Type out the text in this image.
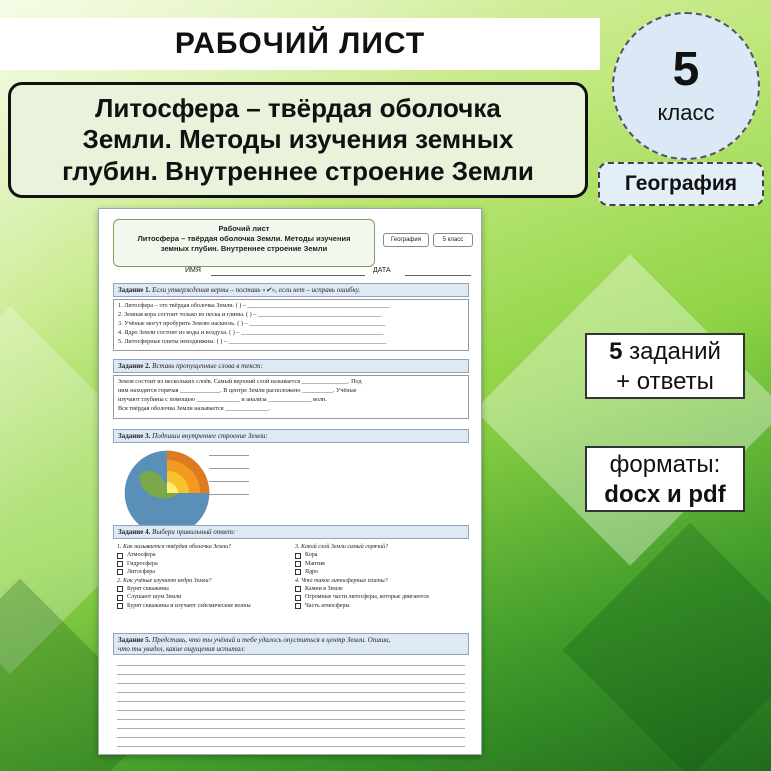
РАБОЧИЙ ЛИСТ	5
класс
Литосфера – твёрдая оболочка
Земли. Методы изучения земных
глубин. Внутреннее строение Земли	География
5 заданий
+ ответы
форматы:
docx и pdf
Рабочий лист
Литосфера – твёрдая оболочка Земли. Методы изучения
земных глубин. Внутреннее строение Земли
География	5 класс
ИМЯ	ДАТА
Задание 1. Если утверждения верны – поставь «✔», если нет – исправь ошибку.
1. Литосфера – это твёрдая оболочка Земли. ( ) – ______________________________________________
2. Земная кора состоит только из песка и глины. ( ) – ________________________________________
3. Учёные могут пробурить Землю насквозь. ( ) – ____________________________________________
4. Ядро Земли состоит из воды и воздуха. ( ) – ______________________________________________
5. Литосферные плиты неподвижны. ( ) – ___________________________________________________
Задание 2. Вставь пропущенные слова в текст:
Земля состоит из нескольких слоёв. Самый верхний слой называется _______________. Под
ним находится горячая _____________. В центре Земли расположено __________. Учёные
изучают глубины с помощью ______________ и анализа ______________ волн.
Вся твёрдая оболочка Земли называется ______________.
Задание 3. Подпиши внутреннее строение Земли:
Задание 4. Выбери правильный ответ:
1. Как называется твёрдая оболочка Земли?
Атмосфера
Гидросфера
Литосфера
2. Как учёные изучают недра Земли?
Бурят скважины
Слушают шум Земли
Бурят скважины и изучают сейсмические волны
3. Какой слой Земли самый горячий?
Кора
Мантия
Ядро
4. Что такое литосферные плиты?
Камни в Земле
Огромные части литосферы, которые двигаются
Часть атмосферы
Задание 5. Представь, что ты учёный и тебе удалось опуститься в центр Земли. Опиши,
что ты увидел, какие ощущения испытал:
